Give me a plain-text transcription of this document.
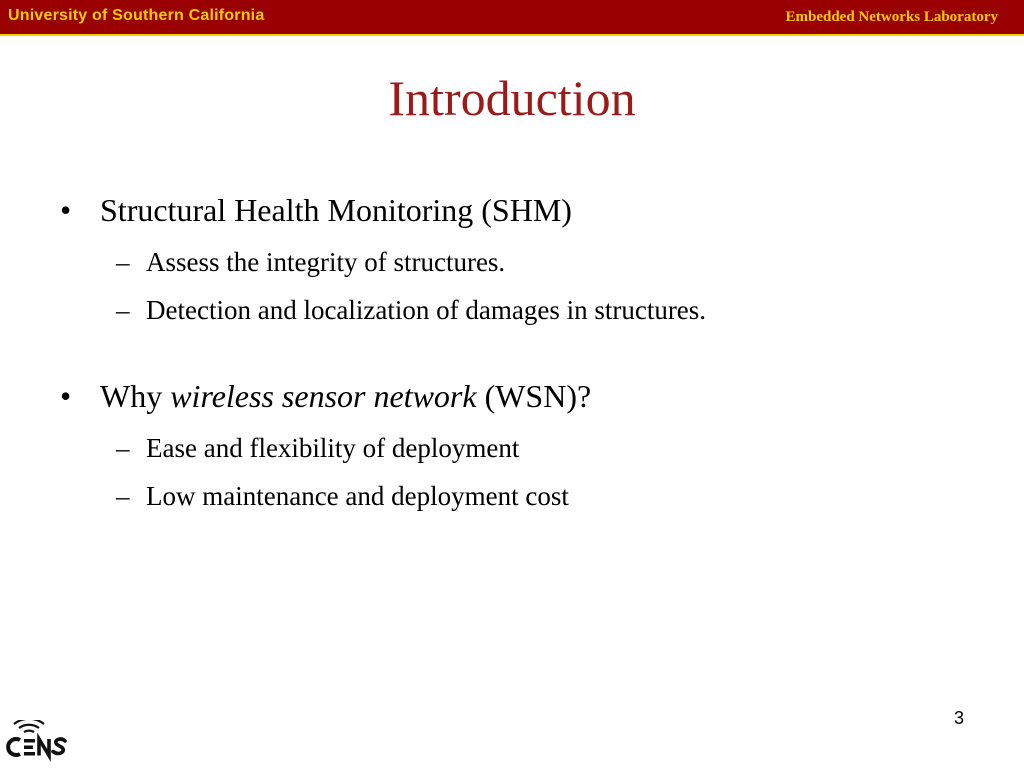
University of Southern California	Embedded Networks Laboratory
Introduction
• Structural Health Monitoring (SHM)
– Assess the integrity of structures.
– Detection and localization of damages in structures.
• Why wireless sensor network (WSN)?
– Ease and flexibility of deployment
– Low maintenance and deployment cost
3
